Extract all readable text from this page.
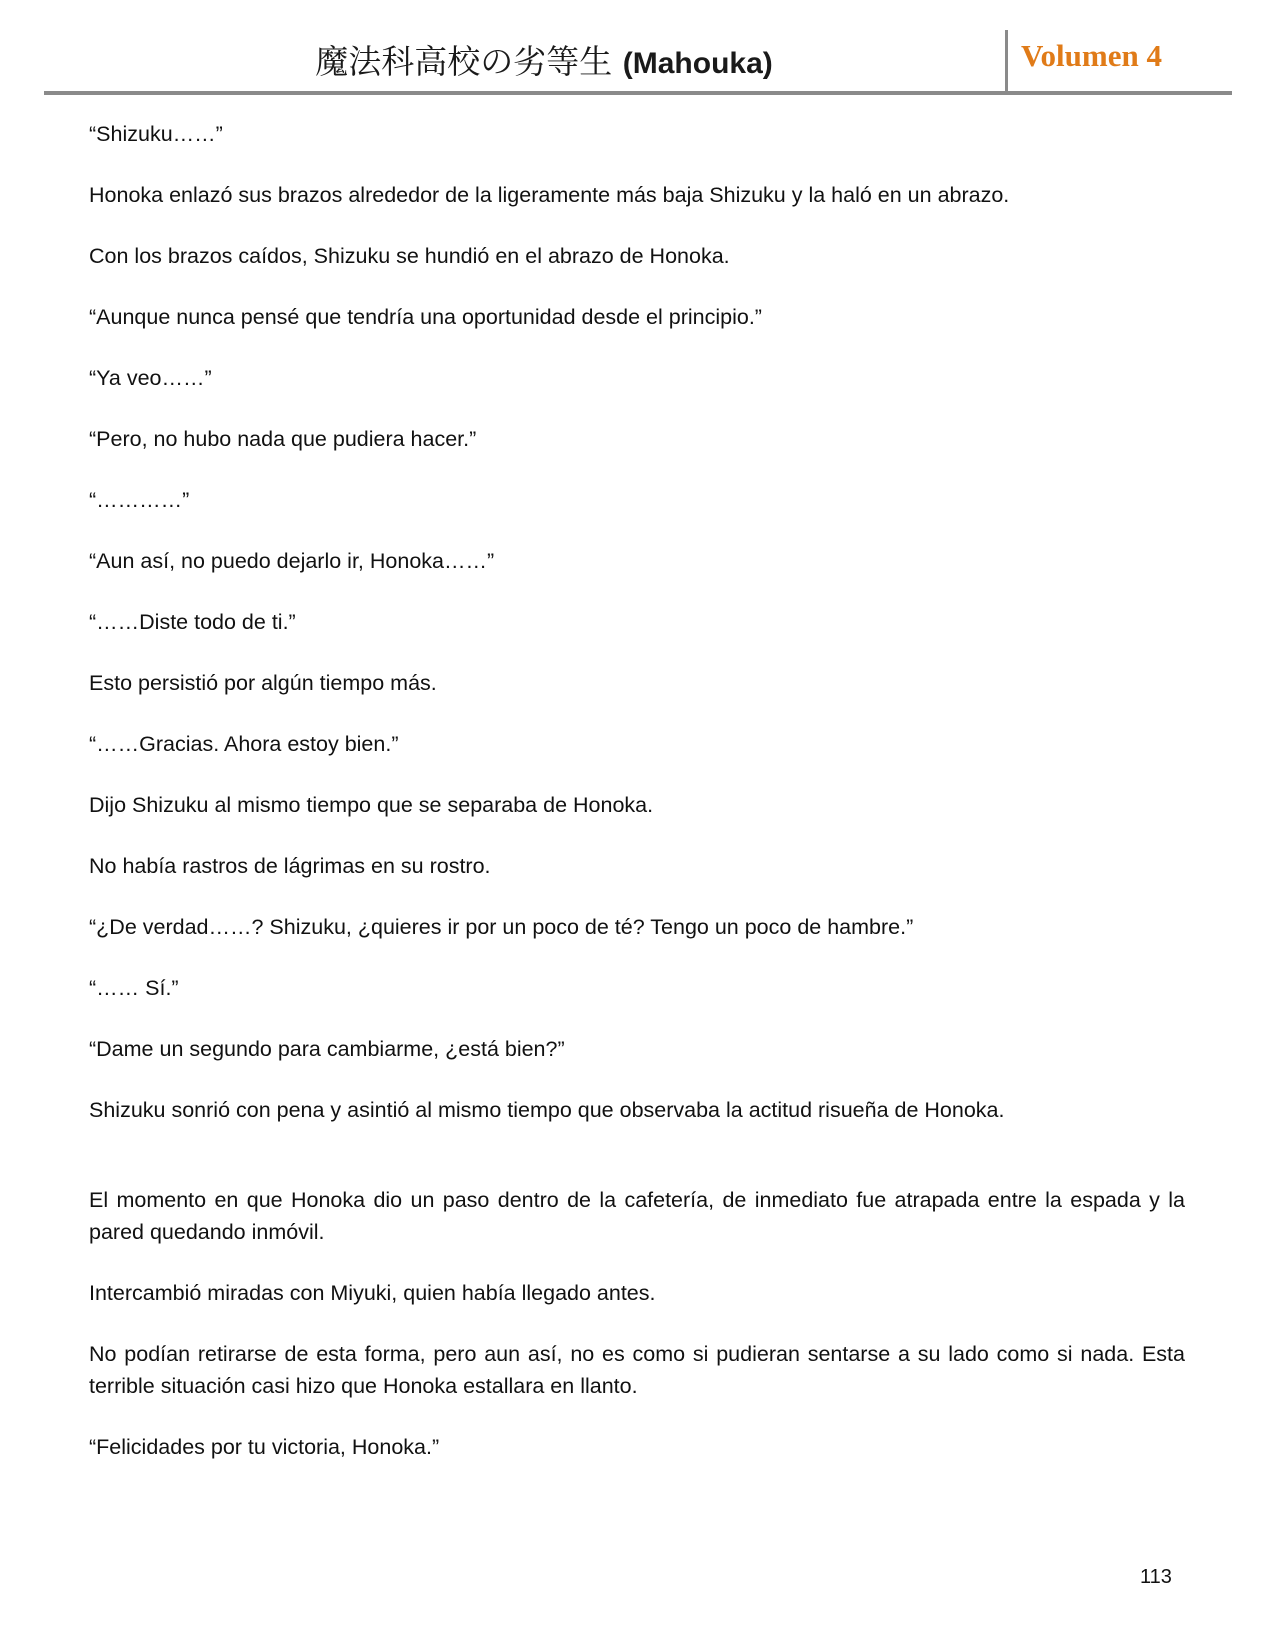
魔法科高校の劣等生 (Mahouka)	Volumen 4

“Shizuku……”

Honoka enlazó sus brazos alrededor de la ligeramente más baja Shizuku y la haló en un abrazo.

Con los brazos caídos, Shizuku se hundió en el abrazo de Honoka.

“Aunque nunca pensé que tendría una oportunidad desde el principio.”

“Ya veo……”

“Pero, no hubo nada que pudiera hacer.”

“…………”

“Aun así, no puedo dejarlo ir, Honoka……”

“……Diste todo de ti.”

Esto persistió por algún tiempo más.

“……Gracias. Ahora estoy bien.”

Dijo Shizuku al mismo tiempo que se separaba de Honoka.

No había rastros de lágrimas en su rostro.

“¿De verdad……? Shizuku, ¿quieres ir por un poco de té? Tengo un poco de hambre.”

“…… Sí.”

“Dame un segundo para cambiarme, ¿está bien?”

Shizuku sonrió con pena y asintió al mismo tiempo que observaba la actitud risueña de Honoka.

El momento en que Honoka dio un paso dentro de la cafetería, de inmediato fue atrapada entre la espada y la pared quedando inmóvil.

Intercambió miradas con Miyuki, quien había llegado antes.

No podían retirarse de esta forma, pero aun así, no es como si pudieran sentarse a su lado como si nada. Esta terrible situación casi hizo que Honoka estallara en llanto.

“Felicidades por tu victoria, Honoka.”

113
